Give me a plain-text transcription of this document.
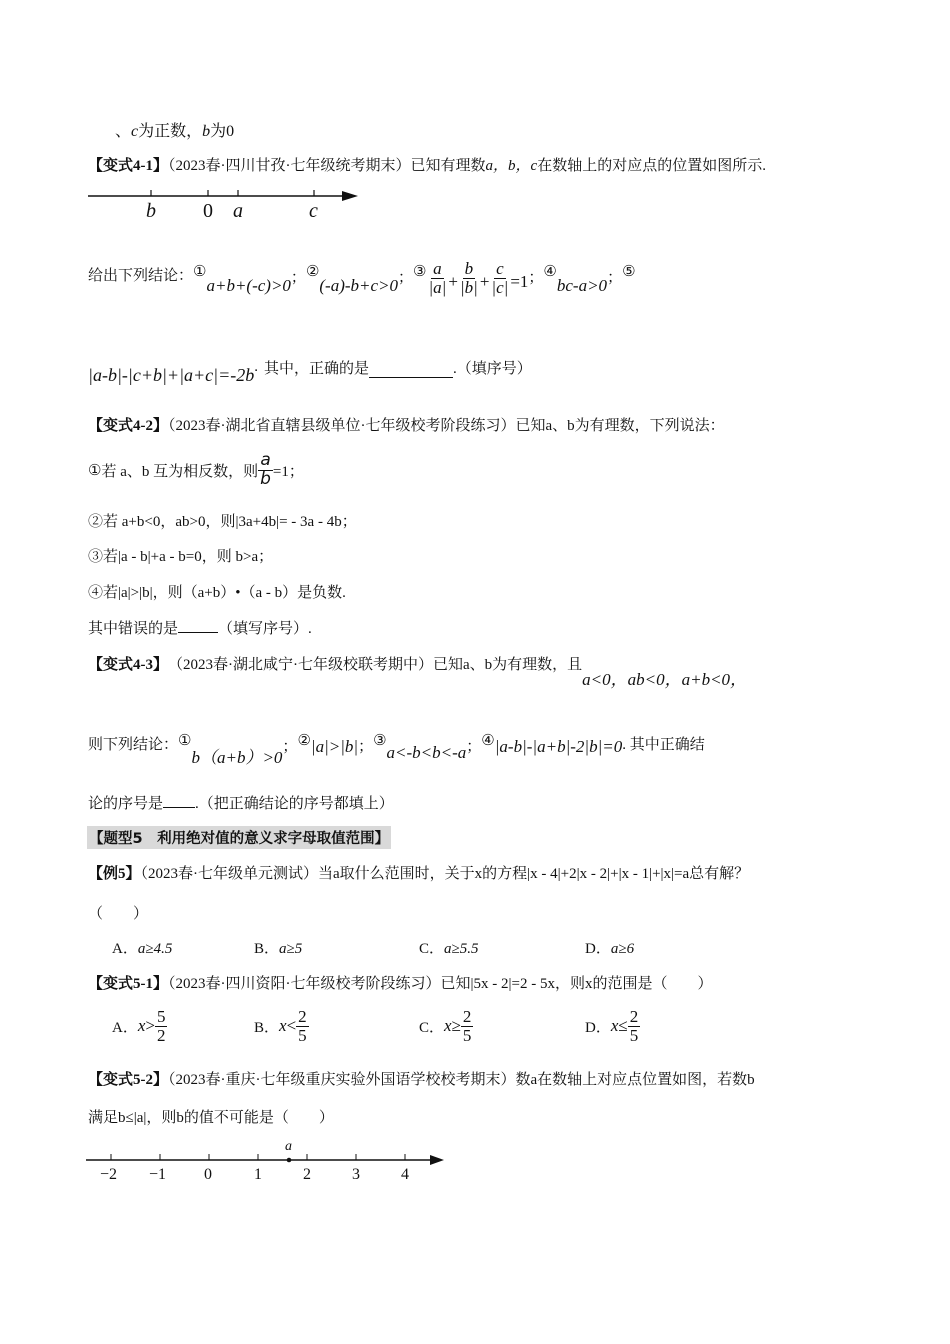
、c为正数，b为0
【变式4-1】（2023春·四川甘孜·七年级统考期末）已知有理数a，b，c在数轴上的对应点的位置如图所示.
b 0 a	c
给出下列结论： ①
a+b+(-c)>0 ； ②
(-a)-b+c>0 ； ③ $\frac{a}{|a|} + \frac{b}{|b|} + \frac{c}{|c|} =1$ ； ④
bc-a>0 ； ⑤
|a-b|-|c+b|+|a+c|=-2b . 其中，正确的是	.（填序号）
【变式4-2】（2023春·湖北省直辖县级单位·七年级校考阶段练习）已知a、b为有理数，下列说法：
① 若 a、b 互为相反数，则 $\frac{a}{b} =1$；
②若 a+b<0，ab>0，则|3a+4b|= - 3a - 4b；
③若|a - b|+a - b=0，则 b>a；
④若|a|>|b|，则（a+b）•（a - b）是负数.
其中错误的是	（填写序号）.
【变式4-3】 （2023春·湖北咸宁·七年级校联考期中） 已知a、b为有理数，且
a<0，ab<0，a+b<0，
则下列结论： ①
b（a+b）>0
； ② |a|>|b| ； ③
a<-b<b<-a ； ④ |a-b|-|a+b|-2|b|=0 . 其中正确结
论的序号是 .（把正确结论的序号都填上）
【题型5　利用绝对值的意义求字母取值范围】
【例5】（2023春·七年级单元测试）当a取什么范围时，关于x的方程|x - 4|+2|x - 2|+|x - 1|+|x|=a总有解？
（　　）
A．a≥4.5	B．a≥5	C．a≥5.5	D．a≥6
【变式5-1】（2023春·四川资阳·七年级校考阶段练习）已知|5x - 2|=2 - 5x，则x的范围是（　　）
A． $x > \frac{5}{2}$	B． $x < \frac{2}{5}$	C． $x \ge \frac{2}{5}$	D． $x \le \frac{2}{5}$
【变式5-2】（2023春·重庆·七年级重庆实验外国语学校校考期末）数a在数轴上对应点位置如图，若数b
满足b≤|a|，则b的值不可能是（　　）
a
−2 −1 0	1	2	3	4
